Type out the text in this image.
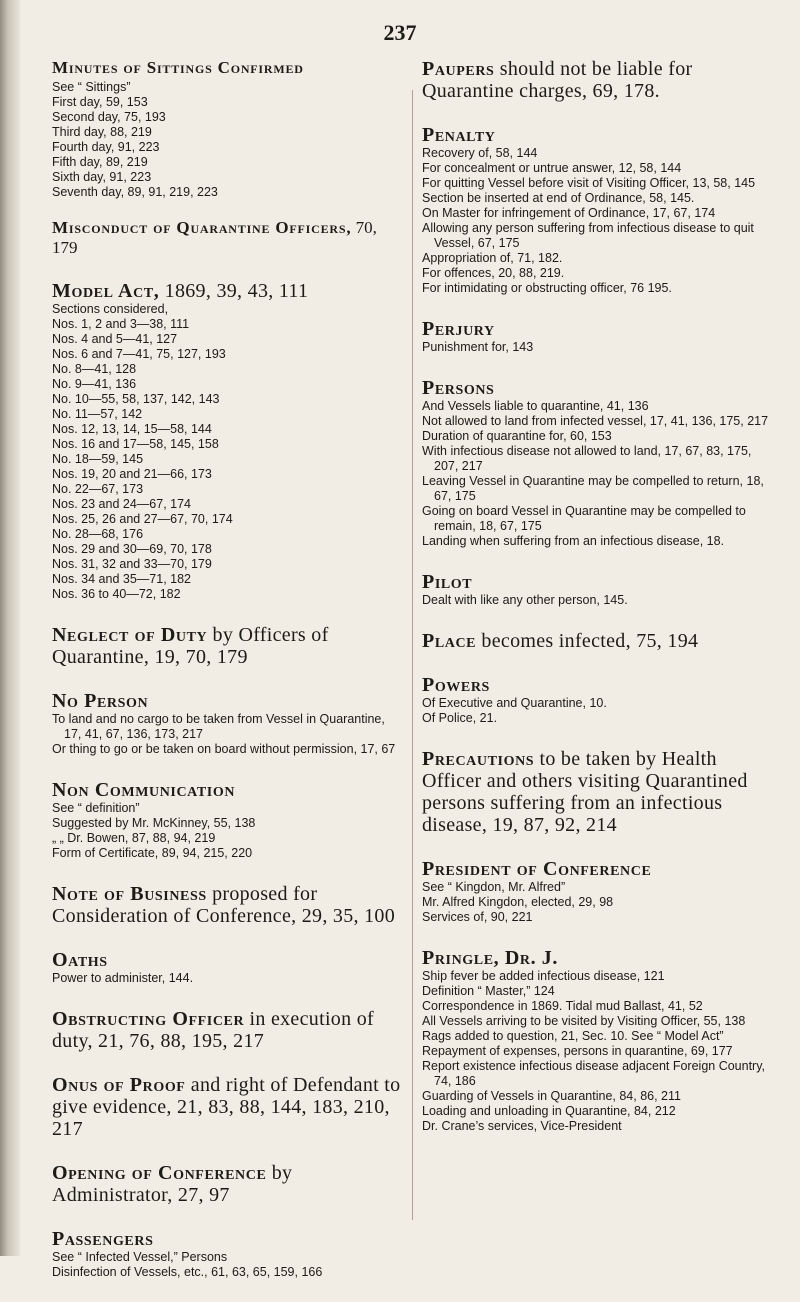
237
Minutes of Sittings Confirmed
See “ Sittings”
First day, 59, 153
Second day, 75, 193
Third day, 88, 219
Fourth day, 91, 223
Fifth day, 89, 219
Sixth day, 91, 223
Seventh day, 89, 91, 219, 223
Misconduct of Quarantine Officers, 70, 179
Model Act, 1869, 39, 43, 111
Sections considered,
Nos. 1, 2 and 3—38, 111
Nos. 4 and 5—41, 127
Nos. 6 and 7—41, 75, 127, 193
No. 8—41, 128
No. 9—41, 136
No. 10—55, 58, 137, 142, 143
No. 11—57, 142
Nos. 12, 13, 14, 15—58, 144
Nos. 16 and 17—58, 145, 158
No. 18—59, 145
Nos. 19, 20 and 21—66, 173
No. 22—67, 173
Nos. 23 and 24—67, 174
Nos. 25, 26 and 27—67, 70, 174
No. 28—68, 176
Nos. 29 and 30—69, 70, 178
Nos. 31, 32 and 33—70, 179
Nos. 34 and 35—71, 182
Nos. 36 to 40—72, 182
Neglect of Duty by Officers of Quarantine, 19, 70, 179
No Person
To land and no cargo to be taken from Vessel in Quarantine, 17, 41, 67, 136, 173, 217
Or thing to go or be taken on board without permission, 17, 67
Non Communication
See “ definition”
Suggested by Mr. McKinney, 55, 138
„ „ Dr. Bowen, 87, 88, 94, 219
Form of Certificate, 89, 94, 215, 220
Note of Business proposed for Consideration of Conference, 29, 35, 100
Oaths
Power to administer, 144.
Obstructing Officer in execution of duty, 21, 76, 88, 195, 217
Onus of Proof and right of Defendant to give evidence, 21, 83, 88, 144, 183, 210, 217
Opening of Conference by Administrator, 27, 97
Passengers
See “ Infected Vessel,” Persons
Disinfection of Vessels, etc., 61, 63, 65, 159, 166
Paupers should not be liable for Quarantine charges, 69, 178.
Penalty
Recovery of, 58, 144
For concealment or untrue answer, 12, 58, 144
For quitting Vessel before visit of Visiting Officer, 13, 58, 145
Section be inserted at end of Ordinance, 58, 145.
On Master for infringement of Ordinance, 17, 67, 174
Allowing any person suffering from infectious disease to quit Vessel, 67, 175
Appropriation of, 71, 182.
For offences, 20, 88, 219.
For intimidating or obstructing officer, 76 195.
Perjury
Punishment for, 143
Persons
And Vessels liable to quarantine, 41, 136
Not allowed to land from infected vessel, 17, 41, 136, 175, 217
Duration of quarantine for, 60, 153
With infectious disease not allowed to land, 17, 67, 83, 175, 207, 217
Leaving Vessel in Quarantine may be compelled to return, 18, 67, 175
Going on board Vessel in Quarantine may be compelled to remain, 18, 67, 175
Landing when suffering from an infectious disease, 18.
Pilot
Dealt with like any other person, 145.
Place becomes infected, 75, 194
Powers
Of Executive and Quarantine, 10.
Of Police, 21.
Precautions to be taken by Health Officer and others visiting Quarantined persons suffering from an infectious disease, 19, 87, 92, 214
President of Conference
See “ Kingdon, Mr. Alfred”
Mr. Alfred Kingdon, elected, 29, 98
Services of, 90, 221
Pringle, Dr. J.
Ship fever be added infectious disease, 121
Definition “ Master,” 124
Correspondence in 1869. Tidal mud Ballast, 41, 52
All Vessels arriving to be visited by Visiting Officer, 55, 138
Rags added to question, 21, Sec. 10. See “ Model Act”
Repayment of expenses, persons in quarantine, 69, 177
Report existence infectious disease adjacent Foreign Country, 74, 186
Guarding of Vessels in Quarantine, 84, 86, 211
Loading and unloading in Quarantine, 84, 212
Dr. Crane’s services, Vice-President
